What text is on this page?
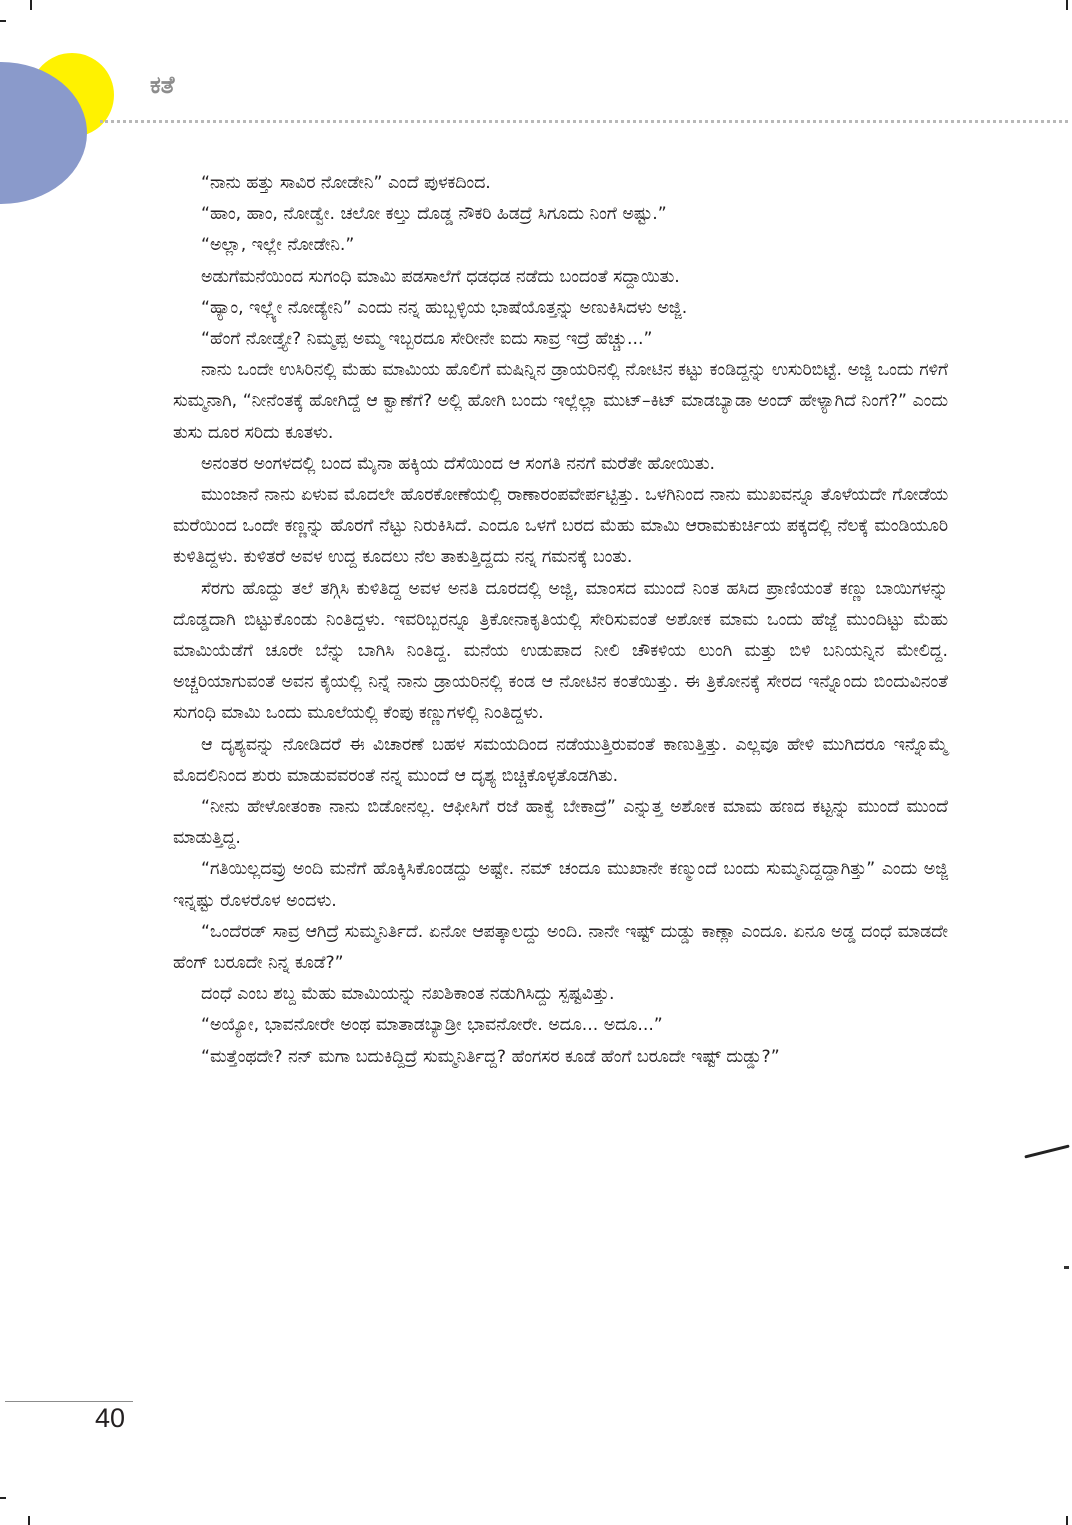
ಕತೆ

“ನಾನು ಹತ್ತು ಸಾವಿರ ನೋಡೇನಿ” ಎಂದೆ ಪುಳಕದಿಂದ.

“ಹಾಂ, ಹಾಂ, ನೋಡ್ವೇ. ಚಲೋ ಕಲ್ತು ದೊಡ್ಡ ನೌಕರಿ ಹಿಡದ್ರೆ ಸಿಗೂದು ನಿಂಗೆ ಅಷ್ಟು.”

“ಅಲ್ಲಾ, ಇಲ್ಲೇ ನೋಡೇನಿ.”

ಅಡುಗೆಮನೆಯಿಂದ ಸುಗಂಧಿ ಮಾಮಿ ಪಡಸಾಲೆಗೆ ಧಡಧಡ ನಡೆದು ಬಂದಂತೆ ಸದ್ದಾಯಿತು.

“ಹ್ಯಾಂ, ಇಲ್ಲ್ಯೇ ನೋಡ್ಯೇನಿ” ಎಂದು ನನ್ನ ಹುಬ್ಬಳ್ಳಿಯ ಭಾಷೆಯೊತ್ತನ್ನು ಅಣುಕಿಸಿದಳು ಅಜ್ಜಿ.

“ಹೆಂಗೆ ನೋಡ್ತ್ಯೇ? ನಿಮ್ಮಪ್ಪ ಅಮ್ಮ ಇಬ್ಬರದೂ ಸೇರೀನೇ ಐದು ಸಾವ್ರ ಇದ್ರೆ ಹೆಚ್ಚು...”

ನಾನು ಒಂದೇ ಉಸಿರಿನಲ್ಲಿ ಮೆಹು ಮಾಮಿಯ ಹೊಲಿಗೆ ಮಷಿನ್ನಿನ ಡ್ರಾಯರಿನಲ್ಲಿ ನೋಟಿನ ಕಟ್ಟು ಕಂಡಿದ್ದನ್ನು ಉಸುರಿಬಿಟ್ಟೆ. ಅಜ್ಜಿ ಒಂದು ಗಳಿಗೆ ಸುಮ್ಮನಾಗಿ, “ನೀನೆಂತಕ್ಕೆ ಹೋಗಿದ್ದೆ ಆ ಕ್ವಾಣೆಗೆ? ಅಲ್ಲಿ ಹೋಗಿ ಬಂದು ಇಲ್ಲೆಲ್ಲಾ ಮುಟ್–ಕಿಟ್ ಮಾಡಬ್ಯಾಡಾ ಅಂದ್ ಹೇಳ್ಯಾಗಿದೆ ನಿಂಗೆ?” ಎಂದು ತುಸು ದೂರ ಸರಿದು ಕೂತಳು.

ಅನಂತರ ಅಂಗಳದಲ್ಲಿ ಬಂದ ಮೈನಾ ಹಕ್ಕಿಯ ದೆಸೆಯಿಂದ ಆ ಸಂಗತಿ ನನಗೆ ಮರೆತೇ ಹೋಯಿತು.

ಮುಂಜಾನೆ ನಾನು ಏಳುವ ಮೊದಲೇ ಹೊರಕೋಣೆಯಲ್ಲಿ ರಾಣಾರಂಪವೇರ್ಪಟ್ಟಿತ್ತು. ಒಳಗಿನಿಂದ ನಾನು ಮುಖವನ್ನೂ ತೊಳೆಯದೇ ಗೋಡೆಯ ಮರೆಯಿಂದ ಒಂದೇ ಕಣ್ಣನ್ನು ಹೊರಗೆ ನೆಟ್ಟು ನಿರುಕಿಸಿದೆ. ಎಂದೂ ಒಳಗೆ ಬರದ ಮೆಹು ಮಾಮಿ ಆರಾಮಕುರ್ಚಿಯ ಪಕ್ಕದಲ್ಲಿ ನೆಲಕ್ಕೆ ಮಂಡಿಯೂರಿ ಕುಳಿತಿದ್ದಳು. ಕುಳಿತರೆ ಅವಳ ಉದ್ದ ಕೂದಲು ನೆಲ ತಾಕುತ್ತಿದ್ದದು ನನ್ನ ಗಮನಕ್ಕೆ ಬಂತು.

ಸೆರಗು ಹೊದ್ದು ತಲೆ ತಗ್ಗಿಸಿ ಕುಳಿತಿದ್ದ ಅವಳ ಅನತಿ ದೂರದಲ್ಲಿ ಅಜ್ಜಿ, ಮಾಂಸದ ಮುಂದೆ ನಿಂತ ಹಸಿದ ಪ್ರಾಣಿಯಂತೆ ಕಣ್ಣು ಬಾಯಿಗಳನ್ನು ದೊಡ್ಡದಾಗಿ ಬಿಟ್ಟುಕೊಂಡು ನಿಂತಿದ್ದಳು. ಇವರಿಬ್ಬರನ್ನೂ ತ್ರಿಕೋನಾಕೃತಿಯಲ್ಲಿ ಸೇರಿಸುವಂತೆ ಅಶೋಕ ಮಾಮ ಒಂದು ಹೆಜ್ಜೆ ಮುಂದಿಟ್ಟು ಮೆಹು ಮಾಮಿಯೆಡೆಗೆ ಚೂರೇ ಬೆನ್ನು ಬಾಗಿಸಿ ನಿಂತಿದ್ದ. ಮನೆಯ ಉಡುಪಾದ ನೀಲಿ ಚೌಕಳಿಯ ಲುಂಗಿ ಮತ್ತು ಬಿಳಿ ಬನಿಯನ್ನಿನ ಮೇಲಿದ್ದ. ಅಚ್ಚರಿಯಾಗುವಂತೆ ಅವನ ಕೈಯಲ್ಲಿ ನಿನ್ನೆ ನಾನು ಡ್ರಾಯರಿನಲ್ಲಿ ಕಂಡ ಆ ನೋಟಿನ ಕಂತೆಯಿತ್ತು. ಈ ತ್ರಿಕೋನಕ್ಕೆ ಸೇರದ ಇನ್ನೊಂದು ಬಿಂದುವಿನಂತೆ ಸುಗಂಧಿ ಮಾಮಿ ಒಂದು ಮೂಲೆಯಲ್ಲಿ ಕೆಂಪು ಕಣ್ಣುಗಳಲ್ಲಿ ನಿಂತಿದ್ದಳು.

ಆ ದೃಶ್ಯವನ್ನು ನೋಡಿದರೆ ಈ ವಿಚಾರಣೆ ಬಹಳ ಸಮಯದಿಂದ ನಡೆಯುತ್ತಿರುವಂತೆ ಕಾಣುತ್ತಿತ್ತು. ಎಲ್ಲವೂ ಹೇಳಿ ಮುಗಿದರೂ ಇನ್ನೊಮ್ಮೆ ಮೊದಲಿನಿಂದ ಶುರು ಮಾಡುವವರಂತೆ ನನ್ನ ಮುಂದೆ ಆ ದೃಶ್ಯ ಬಿಚ್ಚಿಕೊಳ್ಳತೊಡಗಿತು.

“ನೀನು ಹೇಳೋತಂಕಾ ನಾನು ಬಿಡೋನಲ್ಲ. ಆಫೀಸಿಗೆ ರಜೆ ಹಾಕ್ವೆ ಬೇಕಾದ್ರೆ” ಎನ್ನುತ್ತ ಅಶೋಕ ಮಾಮ ಹಣದ ಕಟ್ಟನ್ನು ಮುಂದೆ ಮುಂದೆ ಮಾಡುತ್ತಿದ್ದ.

“ಗತಿಯಿಲ್ಲದವ್ರು ಅಂದಿ ಮನೆಗೆ ಹೊಕ್ಕಿಸಿಕೊಂಡದ್ದು ಅಷ್ಟೇ. ನಮ್ ಚಂದೂ ಮುಖಾನೇ ಕಣ್ಮುಂದೆ ಬಂದು ಸುಮ್ಮನಿದ್ದದ್ದಾಗಿತ್ತು” ಎಂದು ಅಜ್ಜಿ ಇನ್ನಷ್ಟು ರೊಳರೊಳ ಅಂದಳು.

“ಒಂದೆರಡ್ ಸಾವ್ರ ಆಗಿದ್ರೆ ಸುಮ್ಮನಿರ್ತಿದೆ. ಏನೋ ಆಪತ್ಕಾಲದ್ದು ಅಂದಿ. ನಾನೇ ಇಷ್ಟ್ ದುಡ್ಡು ಕಾಣ್ಲಾ ಎಂದೂ. ಏನೂ ಅಡ್ಡ ದಂಧೆ ಮಾಡದೇ ಹೆಂಗ್ ಬರೂದೇ ನಿನ್ನ ಕೂಡೆ?”

ದಂಧೆ ಎಂಬ ಶಬ್ದ ಮೆಹು ಮಾಮಿಯನ್ನು ನಖಶಿಕಾಂತ ನಡುಗಿಸಿದ್ದು ಸ್ಪಷ್ಟವಿತ್ತು.

“ಅಯ್ಯೋ, ಭಾವನೋರೇ ಅಂಥ ಮಾತಾಡಬ್ಯಾಡ್ರೀ ಭಾವನೋರೇ. ಅದೂ... ಅದೂ...”

“ಮತ್ತೆಂಥದೇ? ನನ್ ಮಗಾ ಬದುಕಿದ್ದಿದ್ರೆ ಸುಮ್ಮನಿರ್ತಿದ್ದ? ಹೆಂಗಸರ ಕೂಡೆ ಹೆಂಗೆ ಬರೂದೇ ಇಷ್ಟ್ ದುಡ್ಡು?”

40
